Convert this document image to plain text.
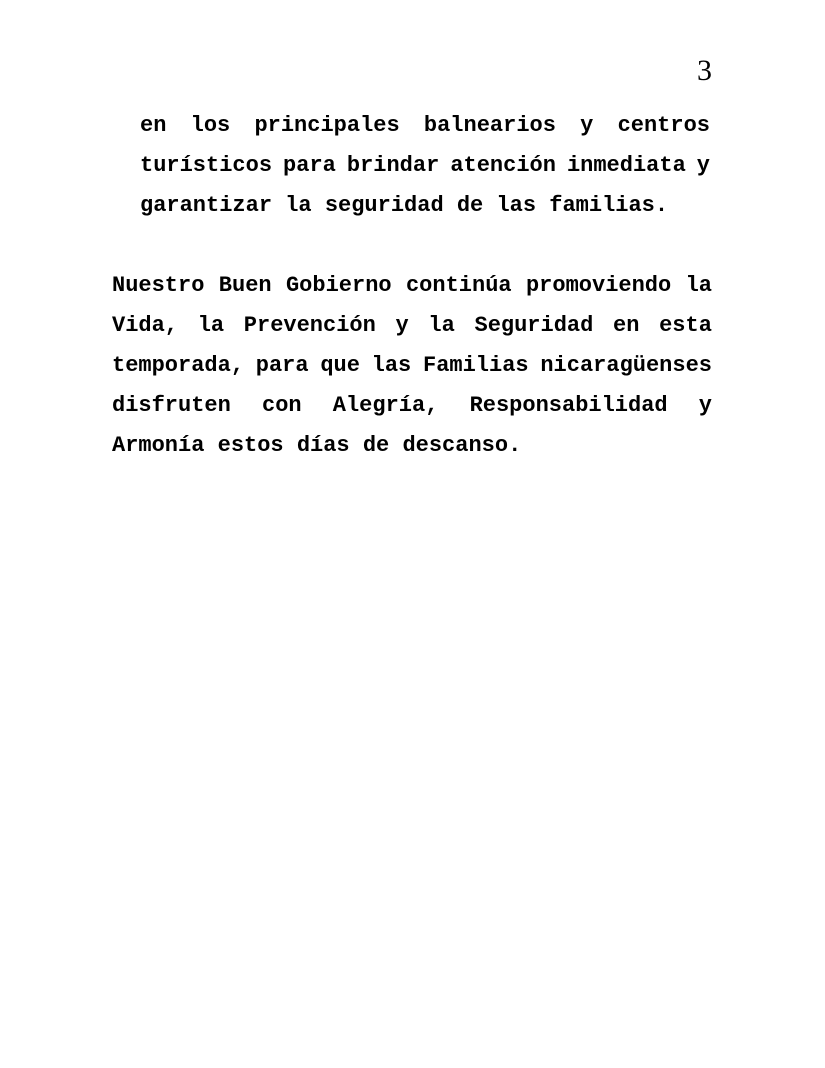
3
en los principales balnearios y centros
turísticos para brindar atención inmediata y
garantizar la seguridad de las familias.
Nuestro Buen Gobierno continúa promoviendo la
Vida, la Prevención y la Seguridad en esta
temporada, para que las Familias nicaragüenses
disfruten con Alegría, Responsabilidad y
Armonía estos días de descanso.
